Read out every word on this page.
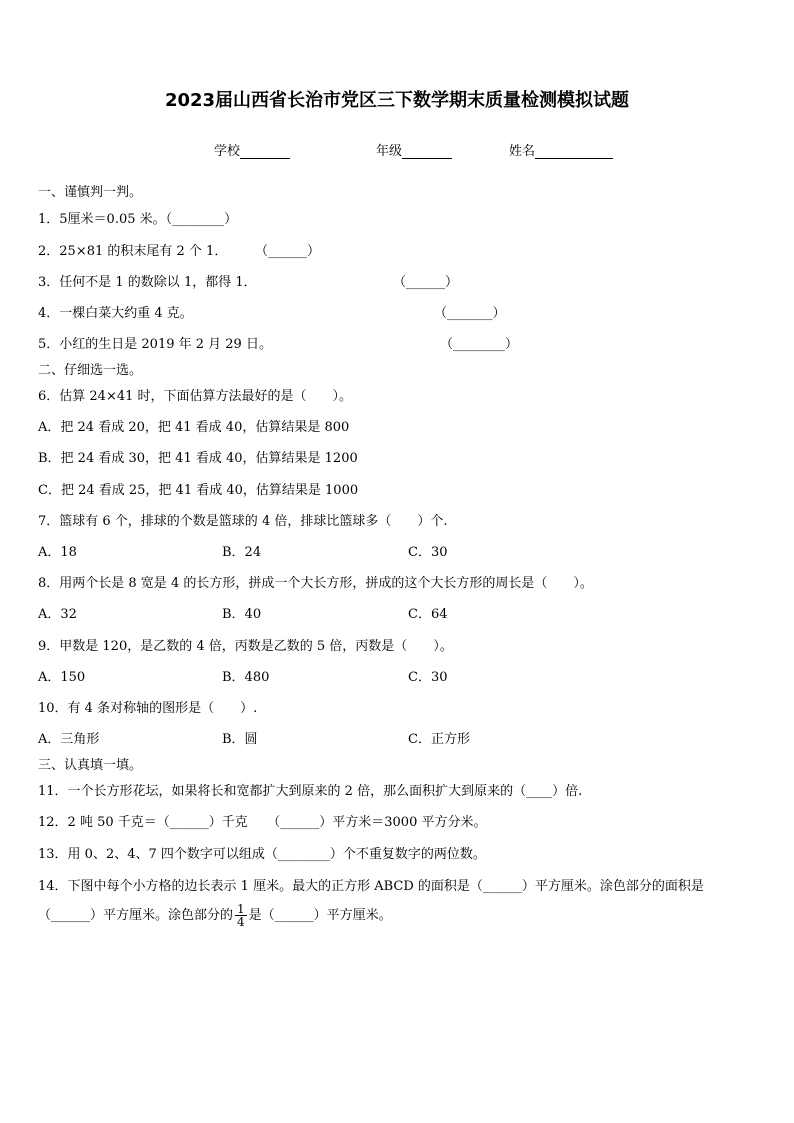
2023届山西省长治市党区三下数学期末质量检测模拟试题
学校	年级	姓名
一、谨慎判一判。
1．5厘米＝0.05 米。（________）
2．25×81 的积末尾有 2 个 1． （______）
3．任何不是 1 的数除以 1，都得 1．	（______）
4．一棵白菜大约重 4 克。	（_______）
5．小红的生日是 2019 年 2 月 29 日。	（________）
二、仔细选一选。
6．估算 24×41 时，下面估算方法最好的是（　　）。
A．把 24 看成 20，把 41 看成 40，估算结果是 800
B．把 24 看成 30，把 41 看成 40，估算结果是 1200
C．把 24 看成 25，把 41 看成 40，估算结果是 1000
7．篮球有 6 个，排球的个数是篮球的 4 倍，排球比篮球多（　　）个.
A．18	B．24	C．30
8．用两个长是 8 宽是 4 的长方形，拼成一个大长方形，拼成的这个大长方形的周长是（　　）。
A．32	B．40	C．64
9．甲数是 120，是乙数的 4 倍，丙数是乙数的 5 倍，丙数是（　　）。
A．150	B．480	C．30
10．有 4 条对称轴的图形是（　　）.
A．三角形	B．圆	C．正方形
三、认真填一填。
11．一个长方形花坛，如果将长和宽都扩大到原来的 2 倍，那么面积扩大到原来的（____）倍.
12．2 吨 50 千克＝（______）千克　　（______）平方米＝3000 平方分米。
13．用 0、2、4、7 四个数字可以组成（________）个不重复数字的两位数。
14．下图中每个小方格的边长表示 1 厘米。最大的正方形 ABCD 的面积是（______）平方厘米。涂色部分的面积是
（______）平方厘米。涂色部分的 $\frac{1}{4}$ 是（______）平方厘米。
